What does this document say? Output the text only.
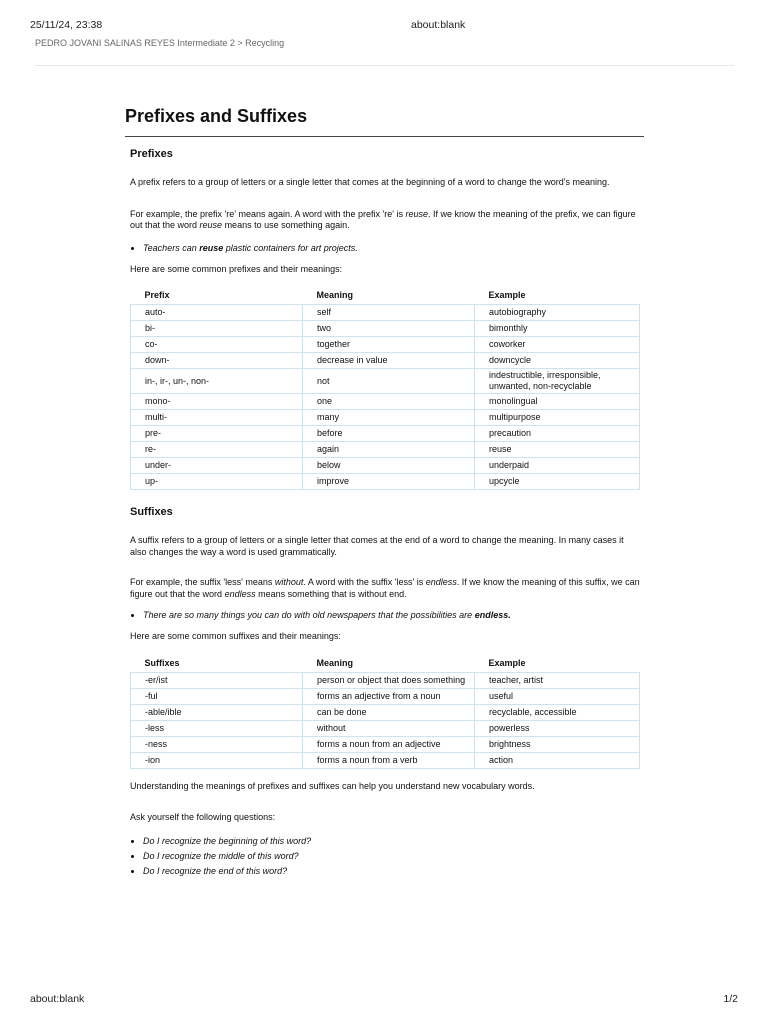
25/11/24, 23:38	about:blank
PEDRO JOVANI SALINAS REYES Intermediate 2 > Recycling
Prefixes and Suffixes
Prefixes

A prefix refers to a group of letters or a single letter that comes at the beginning of a word to change the word's meaning.

For example, the prefix 're' means again. A word with the prefix 're' is reuse. If we know the meaning of the prefix, we can figure out that the word reuse means to use something again.

• Teachers can reuse plastic containers for art projects.

Here are some common prefixes and their meanings:

Prefix	Meaning	Example
auto-	self	autobiography
bi-	two	bimonthly
co-	together	coworker
down-	decrease in value	downcycle
in-, ir-, un-, non-	not	indestructible, irresponsible, unwanted, non-recyclable
mono-	one	monolingual
multi-	many	multipurpose
pre-	before	precaution
re-	again	reuse
under-	below	underpaid
up-	improve	upcycle
Suffixes

A suffix refers to a group of letters or a single letter that comes at the end of a word to change the meaning. In many cases it also changes the way a word is used grammatically.

For example, the suffix 'less' means without. A word with the suffix 'less' is endless. If we know the meaning of this suffix, we can figure out that the word endless means something that is without end.

• There are so many things you can do with old newspapers that the possibilities are endless.

Here are some common suffixes and their meanings:

Suffixes	Meaning	Example
-er/ist	person or object that does something	teacher, artist
-ful	forms an adjective from a noun	useful
-able/ible	can be done	recyclable, accessible
-less	without	powerless
-ness	forms a noun from an adjective	brightness
-ion	forms a noun from a verb	action

Understanding the meanings of prefixes and suffixes can help you understand new vocabulary words.

Ask yourself the following questions:

• Do I recognize the beginning of this word?
• Do I recognize the middle of this word?
• Do I recognize the end of this word?
about:blank	1/2
